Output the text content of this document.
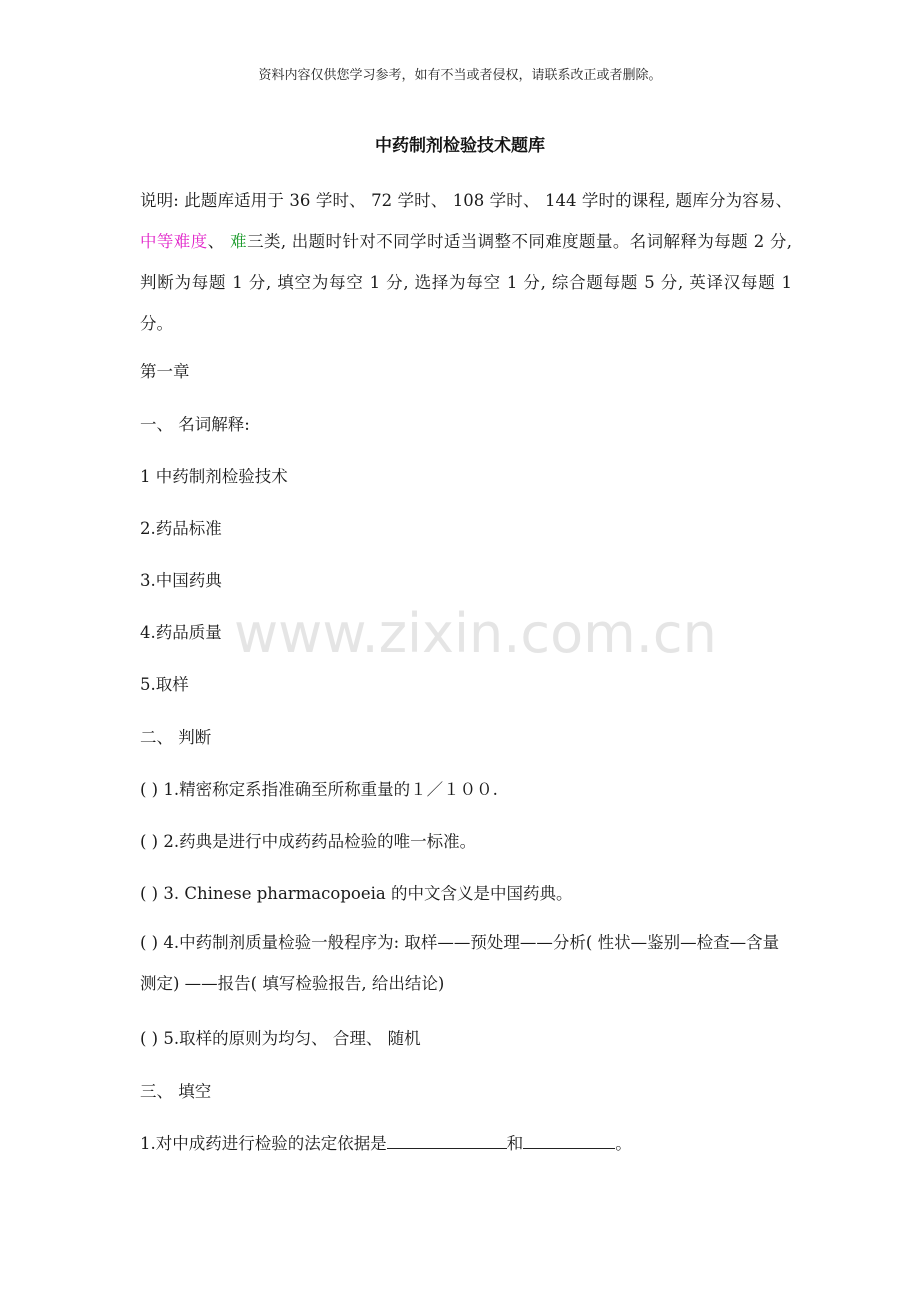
资料内容仅供您学习参考，如有不当或者侵权，请联系改正或者删除。
中药制剂检验技术题库
说明: 此题库适用于 36 学时、 72 学时、 108 学时、 144 学时的课程, 题库分为容易、 中等难度、 难三类, 出题时针对不同学时适当调整不同难度题量。名词解释为每题 2 分, 判断为每题 1 分, 填空为每空 1 分, 选择为每空 1 分, 综合题每题 5 分, 英译汉每题 1 分。
第一章
一、 名词解释:
1 中药制剂检验技术
2.药品标准
3.中国药典
4.药品质量
5.取样
二、 判断
( ) 1.精密称定系指准确至所称重量的１／１００.
( ) 2.药典是进行中成药药品检验的唯一标准。
( ) 3. Chinese pharmacopoeia 的中文含义是中国药典。
( ) 4.中药制剂质量检验一般程序为: 取样——预处理——分析( 性状—鉴别—检查—含量测定) ——报告( 填写检验报告, 给出结论)
( ) 5.取样的原则为均匀、 合理、 随机
三、 填空
1.对中成药进行检验的法定依据是	和	。
www.zixin.com.cn
